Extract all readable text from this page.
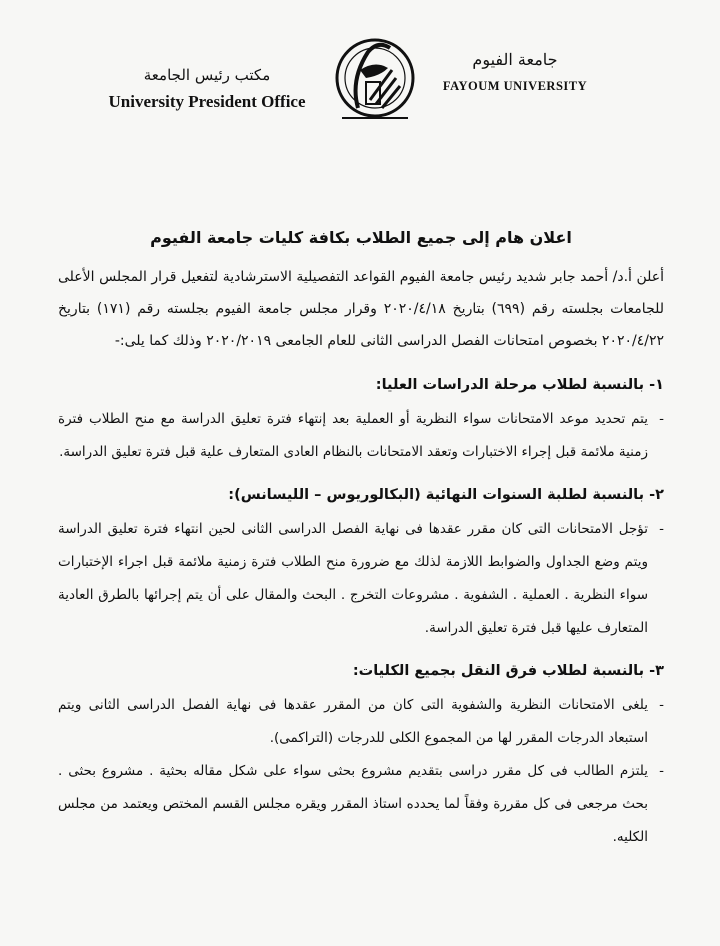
مكتب رئيس الجامعة
University President Office
جامعة الفيوم
FAYOUM UNIVERSITY
اعلان هام إلى جميع الطلاب بكافة كليات جامعة الفيوم

أعلن أ.د/ أحمد جابر شديد رئيس جامعة الفيوم القواعد التفصيلية الاسترشادية لتفعيل قرار المجلس الأعلى للجامعات بجلسته رقم (٦٩٩) بتاريخ ٢٠٢٠/٤/١٨ وقرار مجلس جامعة الفيوم بجلسته رقم (١٧١) بتاريخ ٢٠٢٠/٤/٢٢ بخصوص امتحانات الفصل الدراسى الثانى للعام الجامعى ٢٠٢٠/٢٠١٩ وذلك كما يلى:-

١- بالنسبة لطلاب مرحلة الدراسات العليا:

-
يتم تحديد موعد الامتحانات سواء النظرية أو العملية بعد إنتهاء فترة تعليق الدراسة مع منح الطلاب فترة زمنية ملائمة قبل إجراء الاختبارات وتعقد الامتحانات بالنظام العادى المتعارف علية قبل فترة تعليق الدراسة.

٢- بالنسبة لطلبة السنوات النهائية (البكالوريوس – الليسانس):

-
تؤجل الامتحانات التى كان مقرر عقدها فى نهاية الفصل الدراسى الثانى لحين انتهاء فترة تعليق الدراسة ويتم وضع الجداول والضوابط اللازمة لذلك مع ضرورة منح الطلاب فترة زمنية ملائمة قبل اجراء الإختبارات سواء النظرية . العملية . الشفوية . مشروعات التخرج . البحث والمقال على أن يتم إجرائها بالطرق العادية المتعارف عليها قبل فترة تعليق الدراسة.

٣- بالنسبة لطلاب فرق النقل بجميع الكليات:

-
يلغى الامتحانات النظرية والشفوية التى كان من المقرر عقدها فى نهاية الفصل الدراسى الثانى ويتم استبعاد الدرجات المقرر لها من المجموع الكلى للدرجات (التراكمى).

-
يلتزم الطالب فى كل مقرر دراسى بتقديم مشروع بحثى سواء على شكل مقاله بحثية . مشروع بحثى . بحث مرجعى فى كل مقررة وفقاً لما يحدده استاذ المقرر ويقره مجلس القسم المختص ويعتمد من مجلس الكليه.
